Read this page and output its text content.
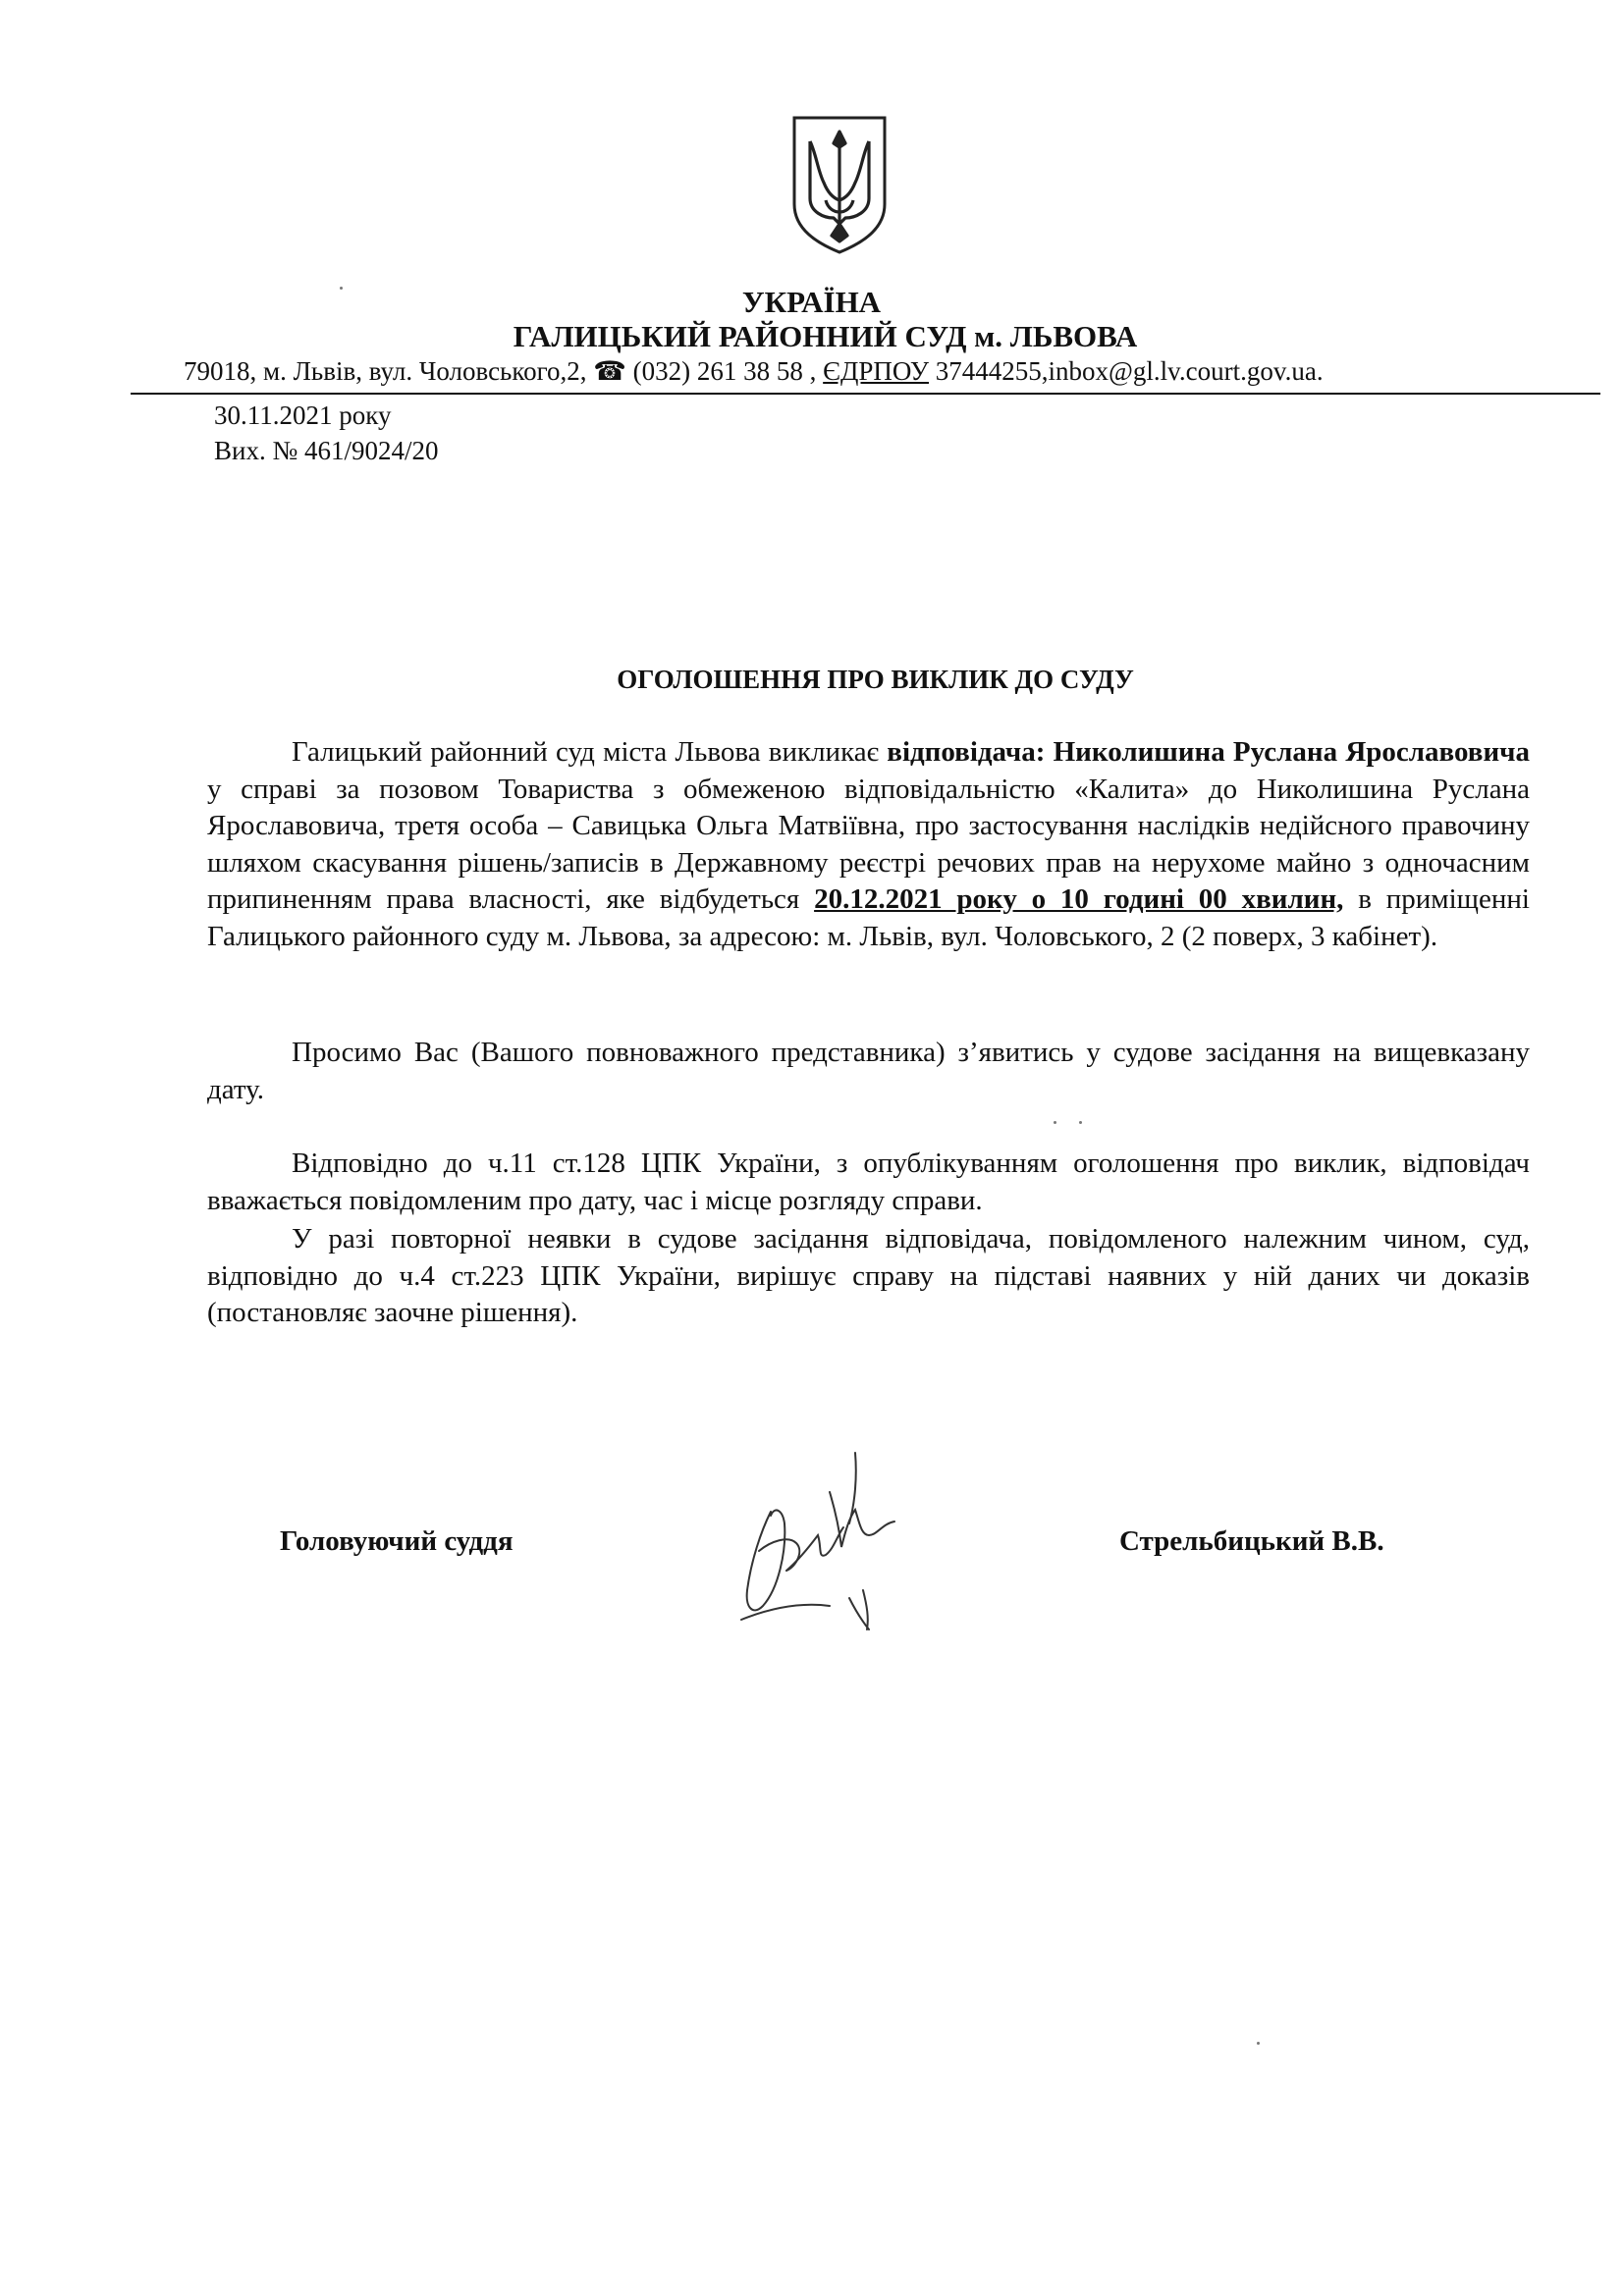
УКРАЇНА
ГАЛИЦЬКИЙ РАЙОННИЙ СУД м. ЛЬВОВА
79018, м. Львів, вул. Чоловського,2, ☎ (032) 261 38 58 , ЄДРПОУ 37444255,inbox@gl.lv.court.gov.ua.
30.11.2021 року
Вих. № 461/9024/20
ОГОЛОШЕННЯ ПРО ВИКЛИК ДО СУДУ

Галицький районний суд міста Львова викликає відповідача: Николишина Руслана Ярославовича у справі за позовом Товариства з обмеженою відповідальністю «Калита» до Николишина Руслана Ярославовича, третя особа – Савицька Ольга Матвіївна, про застосування наслідків недійсного правочину шляхом скасування рішень/записів в Державному реєстрі речових прав на нерухоме майно з одночасним припиненням права власності, яке відбудеться 20.12.2021 року о 10 годині 00 хвилин, в приміщенні Галицького районного суду м. Львова, за адресою: м. Львів, вул. Чоловського, 2 (2 поверх, 3 кабінет).

Просимо Вас (Вашого повноважного представника) з’явитись у судове засідання на вищевказану дату.

Відповідно до ч.11 ст.128 ЦПК України, з опублікуванням оголошення про виклик, відповідач вважається повідомленим про дату, час і місце розгляду справи.

У разі повторної неявки в судове засідання відповідача, повідомленого належним чином, суд, відповідно до ч.4 ст.223 ЦПК України, вирішує справу на підставі наявних у ній даних чи доказів (постановляє заочне рішення).

Головуючий суддя	Стрельбицький В.В.
